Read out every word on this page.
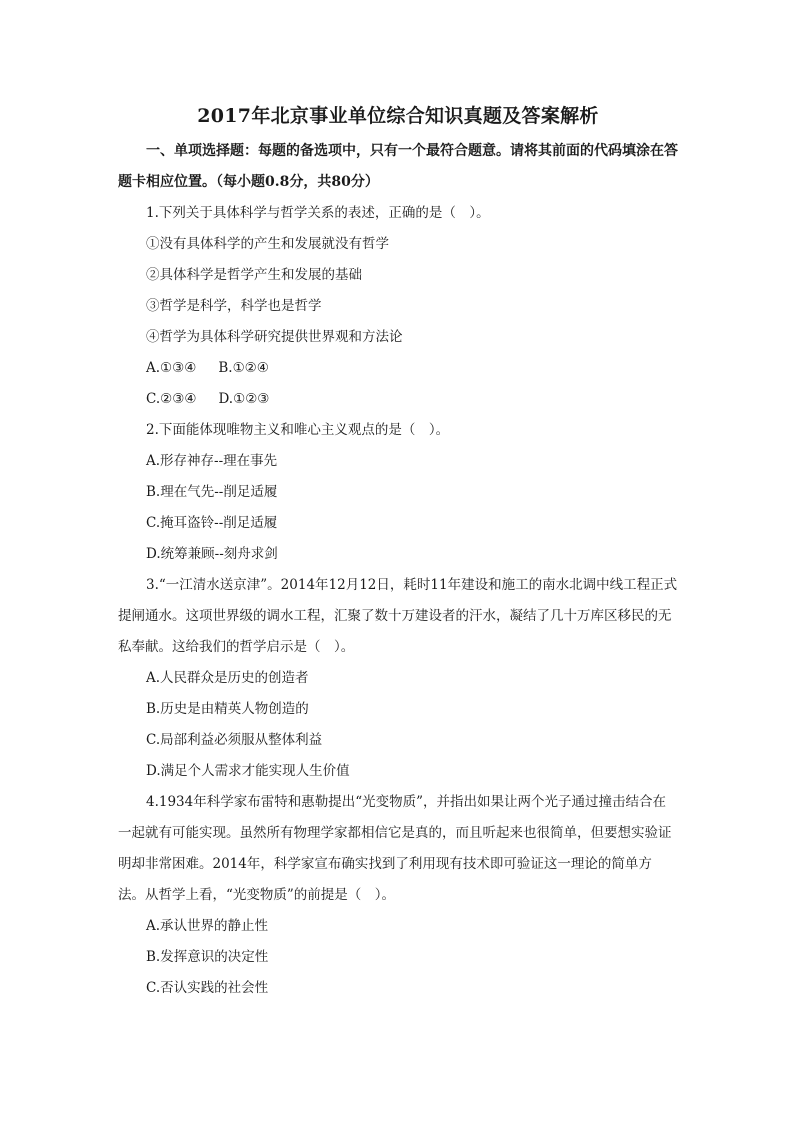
2017年北京事业单位综合知识真题及答案解析

一、单项选择题：每题的备选项中，只有一个最符合题意。请将其前面的代码填涂在答题卡相应位置。（每小题0.8分，共80分）

1.下列关于具体科学与哲学关系的表述，正确的是（　）。

①没有具体科学的产生和发展就没有哲学

②具体科学是哲学产生和发展的基础

③哲学是科学，科学也是哲学

④哲学为具体科学研究提供世界观和方法论

A.①③④ B.①②④

C.②③④ D.①②③

2.下面能体现唯物主义和唯心主义观点的是（　）。

A.形存神存--理在事先

B.理在气先--削足适履

C.掩耳盗铃--削足适履

D.统筹兼顾--刻舟求剑

3.“一江清水送京津”。2014年12月12日，耗时11年建设和施工的南水北调中线工程正式提闸通水。这项世界级的调水工程，汇聚了数十万建设者的汗水，凝结了几十万库区移民的无私奉献。这给我们的哲学启示是（　）。

A.人民群众是历史的创造者

B.历史是由精英人物创造的

C.局部利益必须服从整体利益

D.满足个人需求才能实现人生价值

4.1934年科学家布雷特和惠勒提出“光变物质”，并指出如果让两个光子通过撞击结合在一起就有可能实现。虽然所有物理学家都相信它是真的，而且听起来也很简单，但要想实验证明却非常困难。2014年，科学家宣布确实找到了利用现有技术即可验证这一理论的简单方法。从哲学上看，“光变物质”的前提是（　）。

A.承认世界的静止性

B.发挥意识的决定性

C.否认实践的社会性
